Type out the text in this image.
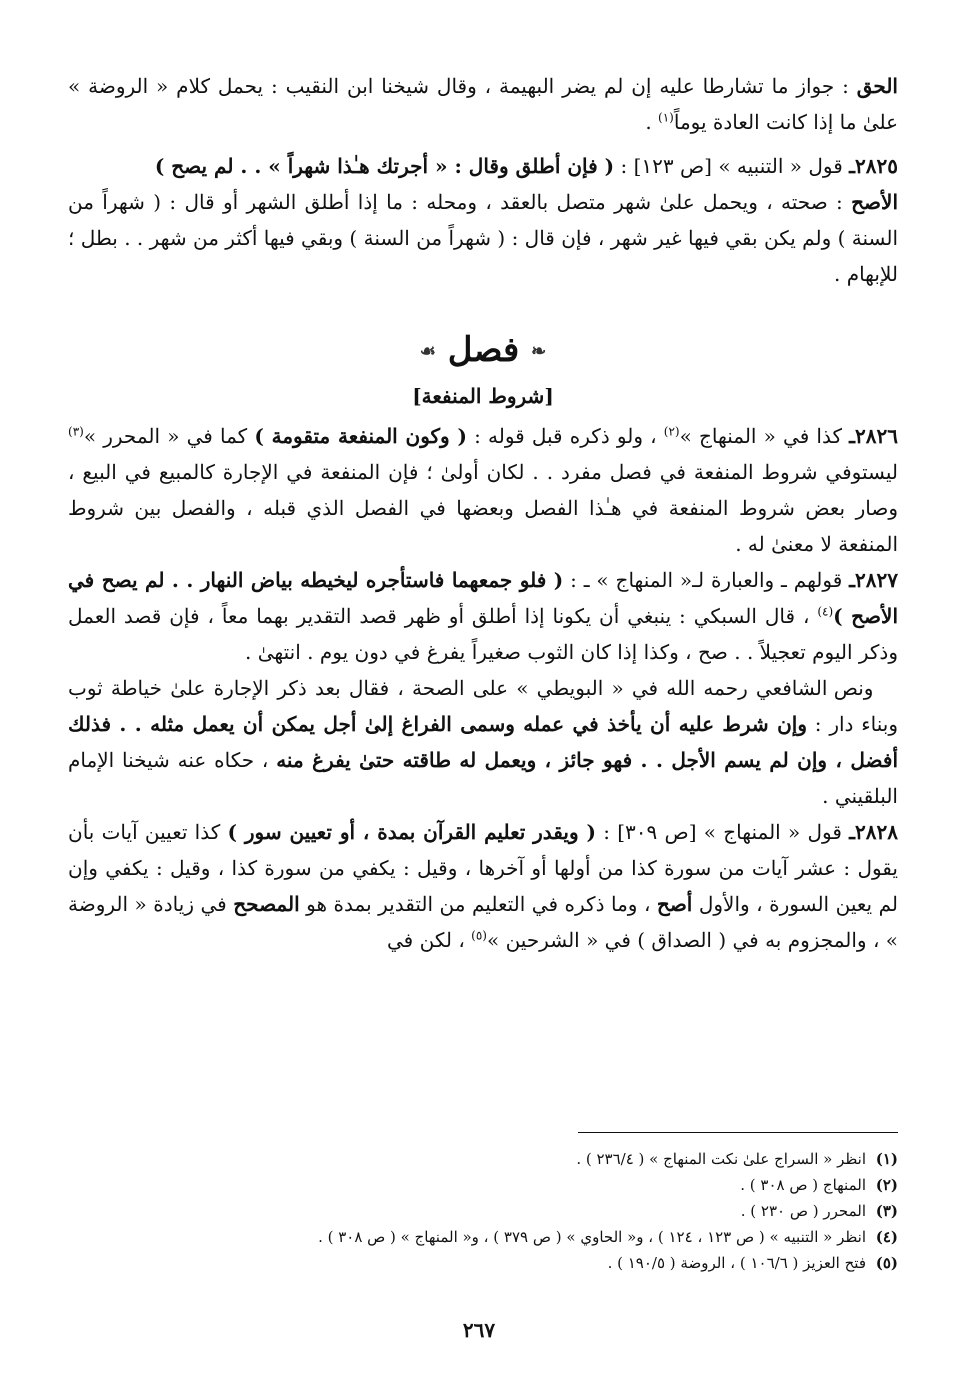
الحق : جواز ما تشارطا عليه إن لم يضر البهيمة ، وقال شيخنا ابن النقيب : يحمل كلام « الروضة » علىٰ ما إذا كانت العادة يوماً$^{(١)}$ .

٢٨٢٥ـ قول « التنبيه » [ص ١٢٣] : ( فإن أطلق وقال : « أجرتك هـٰذا شهراً » . . لم يصح )
الأصح : صحته ، ويحمل علىٰ شهر متصل بالعقد ، ومحله : ما إذا أطلق الشهر أو قال : ( شهراً من السنة ) ولم يكن بقي فيها غير شهر ، فإن قال : ( شهراً من السنة ) وبقي فيها أكثر من شهر . . بطل ؛ للإبهام .

❧ فصل ☙
[شروط المنفعة]

٢٨٢٦ـ كذا في « المنهاج »$^{(٢)}$ ، ولو ذكره قبل قوله : ( وكون المنفعة متقومة ) كما في « المحرر »$^{(٣)}$ ليستوفي شروط المنفعة في فصل مفرد . . لكان أولىٰ ؛ فإن المنفعة في الإجارة كالمبيع في البيع ، وصار بعض شروط المنفعة في هـٰذا الفصل وبعضها في الفصل الذي قبله ، والفصل بين شروط المنفعة لا معنىٰ له .

٢٨٢٧ـ قولهم ـ والعبارة لـ« المنهاج » ـ : ( فلو جمعهما فاستأجره ليخيطه بياض النهار . . لم يصح في الأصح )$^{(٤)}$ ، قال السبكي : ينبغي أن يكونا إذا أطلق أو ظهر قصد التقدير بهما معاً ، فإن قصد العمل وذكر اليوم تعجيلاً . . صح ، وكذا إذا كان الثوب صغيراً يفرغ في دون يوم . انتهىٰ .

ونص الشافعي رحمه الله في « البويطي » على الصحة ، فقال بعد ذكر الإجارة علىٰ خياطة ثوب وبناء دار : وإن شرط عليه أن يأخذ في عمله وسمى الفراغ إلىٰ أجل يمكن أن يعمل مثله . . فذلك أفضل ، وإن لم يسم الأجل . . فهو جائز ، ويعمل له طاقته حتىٰ يفرغ منه ، حكاه عنه شيخنا الإمام البلقيني .

٢٨٢٨ـ قول « المنهاج » [ص ٣٠٩] : ( ويقدر تعليم القرآن بمدة ، أو تعيين سور ) كذا تعيين آيات بأن يقول : عشر آيات من سورة كذا من أولها أو آخرها ، وقيل : يكفي من سورة كذا ، وقيل : يكفي وإن لم يعين السورة ، والأول أصح ، وما ذكره في التعليم من التقدير بمدة هو المصحح في زيادة « الروضة » ، والمجزوم به في ( الصداق ) في « الشرحين »$^{(٥)}$ ، لكن في

(١)انظر « السراج علىٰ نكت المنهاج » ( ٢٣٦/٤ ) .
(٢)المنهاج ( ص ٣٠٨ ) .
(٣)المحرر ( ص ٢٣٠ ) .
(٤)انظر « التنبيه » ( ص ١٢٣ ، ١٢٤ ) ، و« الحاوي » ( ص ٣٧٩ ) ، و« المنهاج » ( ص ٣٠٨ ) .
(٥)فتح العزيز ( ١٠٦/٦ ) ، الروضة ( ١٩٠/٥ ) .
٢٦٧
